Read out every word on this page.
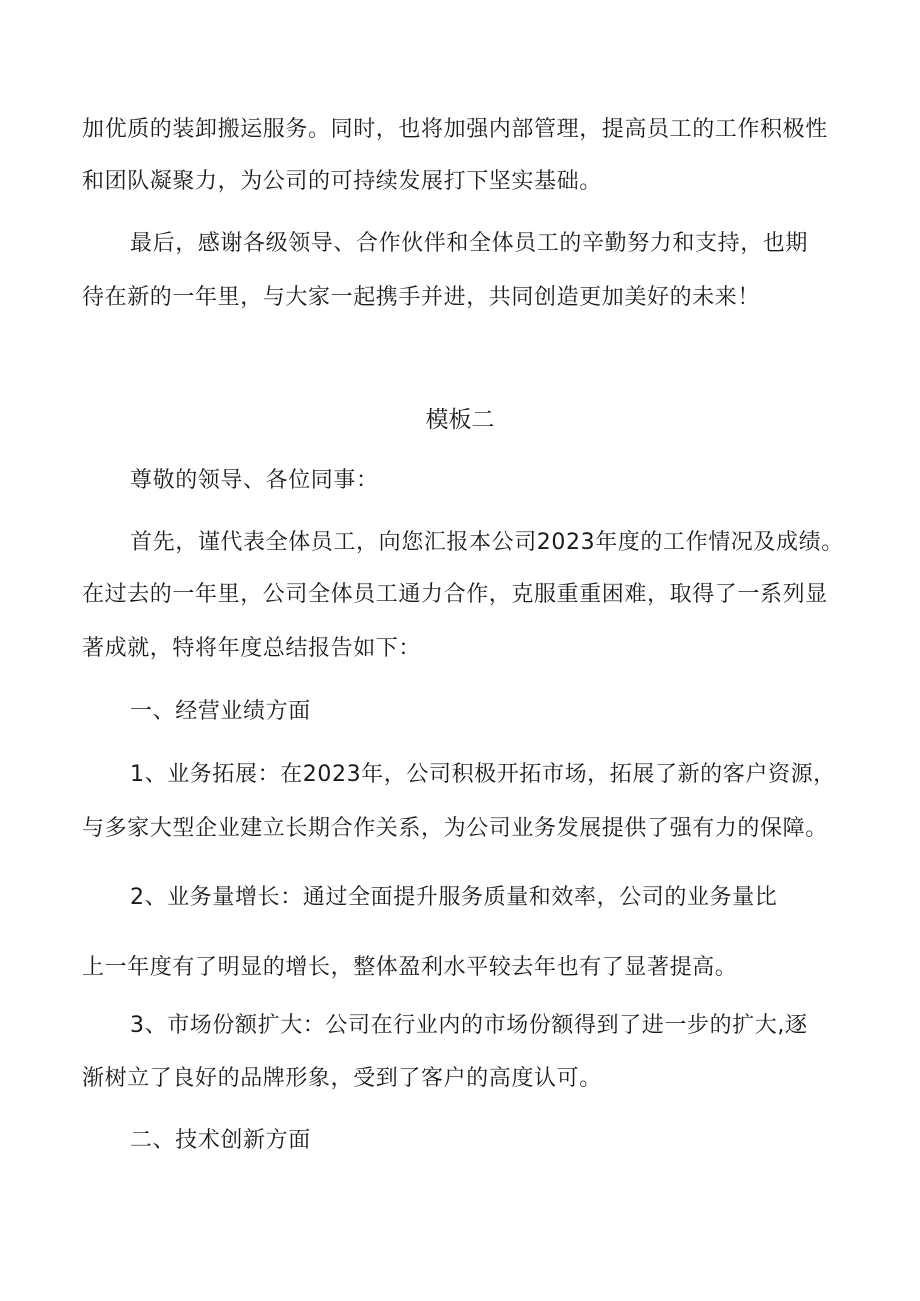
加优质的装卸搬运服务。同时，也将加强内部管理，提高员工的工作积极性
和团队凝聚力，为公司的可持续发展打下坚实基础。
最后，感谢各级领导、合作伙伴和全体员工的辛勤努力和支持，也期
待在新的一年里，与大家一起携手并进，共同创造更加美好的未来！
模板二
尊敬的领导、各位同事：
首先，谨代表全体员工，向您汇报本公司2023年度的工作情况及成绩。
在过去的一年里，公司全体员工通力合作，克服重重困难，取得了一系列显
著成就，特将年度总结报告如下：
一、经营业绩方面
1、业务拓展：在2023年，公司积极开拓市场，拓展了新的客户资源，
与多家大型企业建立长期合作关系，为公司业务发展提供了强有力的保障。
2、业务量增长：通过全面提升服务质量和效率，公司的业务量比
上一年度有了明显的增长，整体盈利水平较去年也有了显著提高。
3、市场份额扩大：公司在行业内的市场份额得到了进一步的扩大,逐
渐树立了良好的品牌形象，受到了客户的高度认可。
二、技术创新方面
